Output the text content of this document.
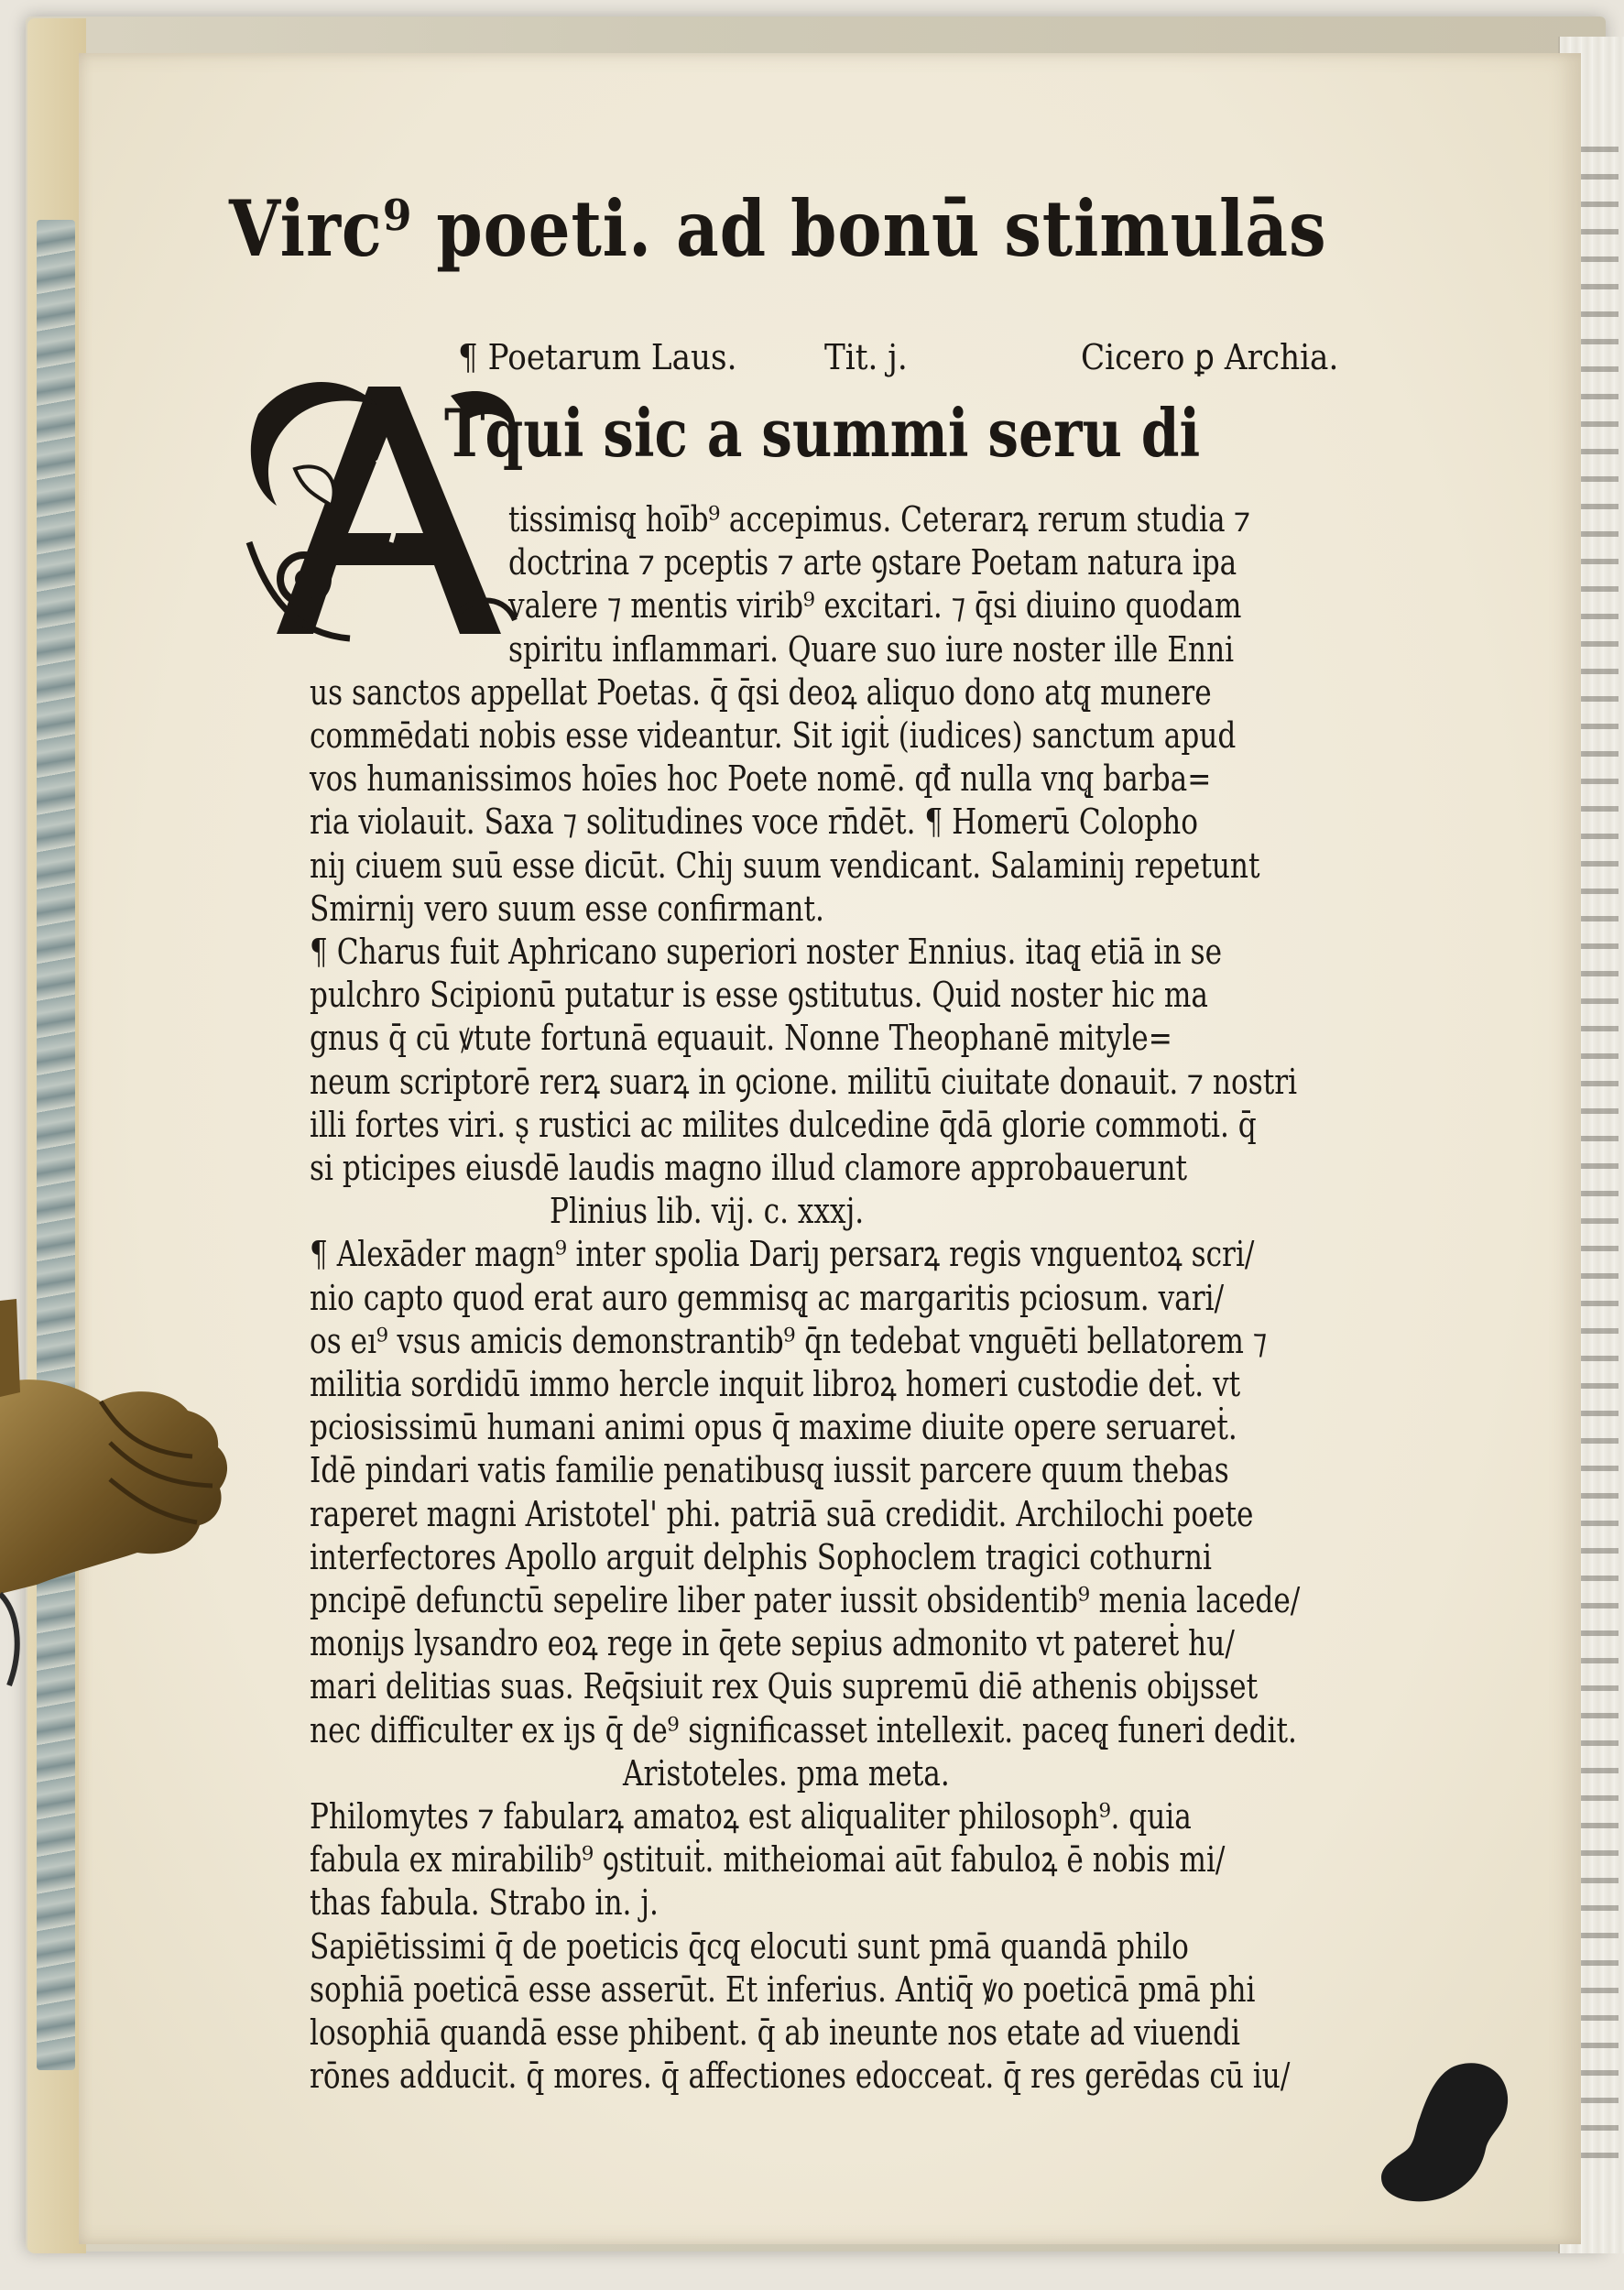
Virc⁹ poeti. ad bonū stimulās
¶ Poetarum Laus.	Tit. j.	Cicero ꝑ Archia.
Tqui sic a summi seru di
tissimisq̨ hoīb⁹ accepimus. Ceterarꝝ rerum studia ⁊
doctrina ⁊ pceptis ⁊ arte ꝯstare Poetam natura ipa
valere ⁊ mentis virib⁹ excitari. ⁊ q̄si diuino quodam
spiritu inflammari. Quare suo iure noster ille Enni
us sanctos appellat Poetas. q̄ q̄si deoꝝ aliquo dono atq̨ munere
commēdati nobis esse videantur. Sit igiṫ (iudices) sanctum apud
vos humanissimos hoīes hoc Poete nomē. qđ nulla vnq̨ barba=
ria violauit. Saxa ⁊ solitudines voce rn̄dēt. ¶ Homerū Colopho
niȷ ciuem suū esse dicūt. Chiȷ suum vendicant. Salaminiȷ repetunt
Smirniȷ vero suum esse confirmant.
¶ Charus fuit Aphricano superiori noster Ennius. itaq̨ etiā in se
pulchro Scipionū putatur is esse ꝯstitutus. Quid noster hic ma
gnus q̄ cū ꝟtute fortunā equauit. Nonne Theophanē mityle=
neum scriptorē rerꝝ suarꝝ in ꝯcione. militū ciuitate donauit. ⁊ nostri
illi fortes viri. s̨ rustici ac milites dulcedine q̄dā glorie commoti. q̄
si pticipes eiusdē laudis magno illud clamore approbauerunt
Plinius lib. vij. c. xxxj.
¶ Alexāder magn⁹ inter spolia Dariȷ persarꝝ regis vnguentoꝝ scri/
nio capto quod erat auro gemmisq̨ ac margaritis pciosum. vari/
os eı⁹ vsus amicis demonstrantib⁹ q̄n tedebat vnguēti bellatorem ⁊
militia sordidū immo hercle inquit libroꝝ homeri custodie deṫ. vt
pciosissimū humani animi opus q̄ maxime diuite opere seruareṫ.
Idē pindari vatis familie penatibusq̨ iussit parcere quum thebas
raperet magni Aristotel' phi. patriā suā credidit. Archilochi poete
interfectores Apollo arguit delphis Sophoclem tragici cothurni
pncipē defunctū sepelire liber pater iussit obsidentib⁹ menia lacede/
moniȷs lysandro eoꝝ rege in q̄ete sepius admonito vt patereṫ hu/
mari delitias suas. Req̄siuit rex Quis supremū diē athenis obiȷsset
nec difficulter ex iȷs q̄ de⁹ significasset intellexit. paceq̨ funeri dedit.
Aristoteles. pma meta.
Philomytes ⁊ fabularꝝ amatoꝝ est aliqualiter philosoph⁹. quia
fabula ex mirabilib⁹ ꝯstituiṫ. mitheiomai aūt fabuloꝝ ē nobis mi/
thas fabula. Strabo in. j.
Sapiētissimi q̄ de poeticis q̄cq̨ elocuti sunt pmā quandā philo
sophiā poeticā esse asserūt. Et inferius. Antiq̄ ꝟo poeticā pmā phi
losophiā quandā esse phibent. q̄ ab ineunte nos etate ad viuendi
rōnes adducit. q̄ mores. q̄ affectiones edocceat. q̄ res gerēdas cū iu/
